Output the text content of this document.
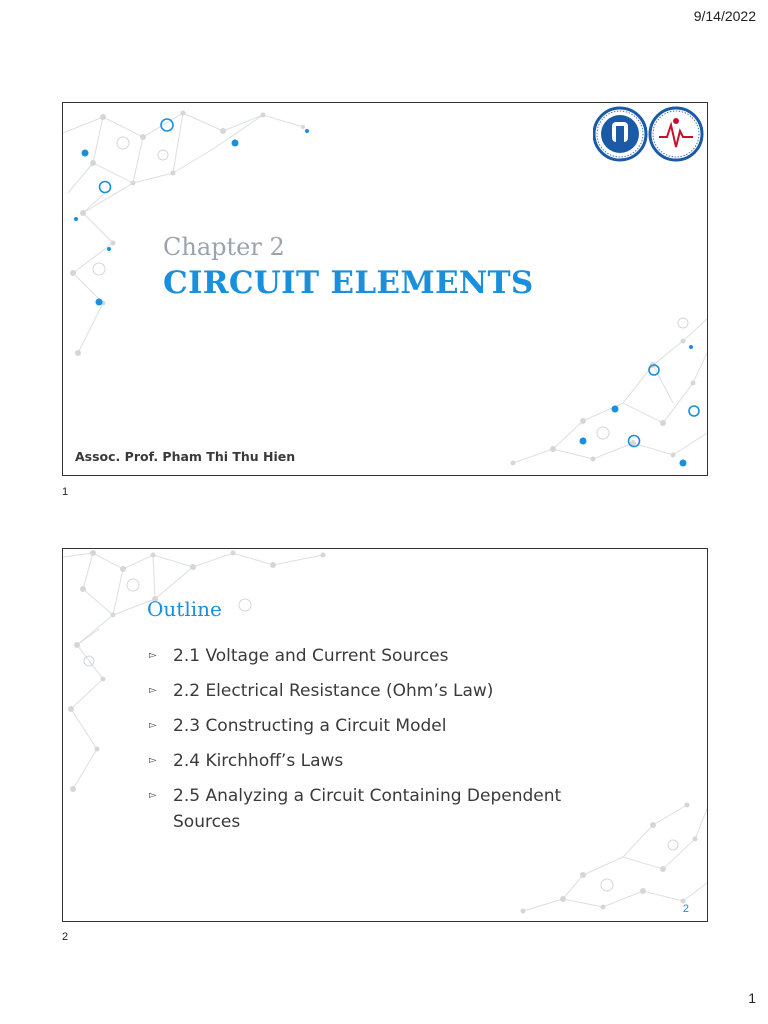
9/14/2022
Chapter 2
CIRCUIT ELEMENTS
Assoc. Prof. Pham Thi Thu Hien
1
Outline
▻ 2.1 Voltage and Current Sources
▻ 2.2 Electrical Resistance (Ohm’s Law)
▻ 2.3 Constructing a Circuit Model
▻ 2.4 Kirchhoff’s Laws
▻ 2.5 Analyzing a Circuit Containing Dependent Sources
2
2
1
